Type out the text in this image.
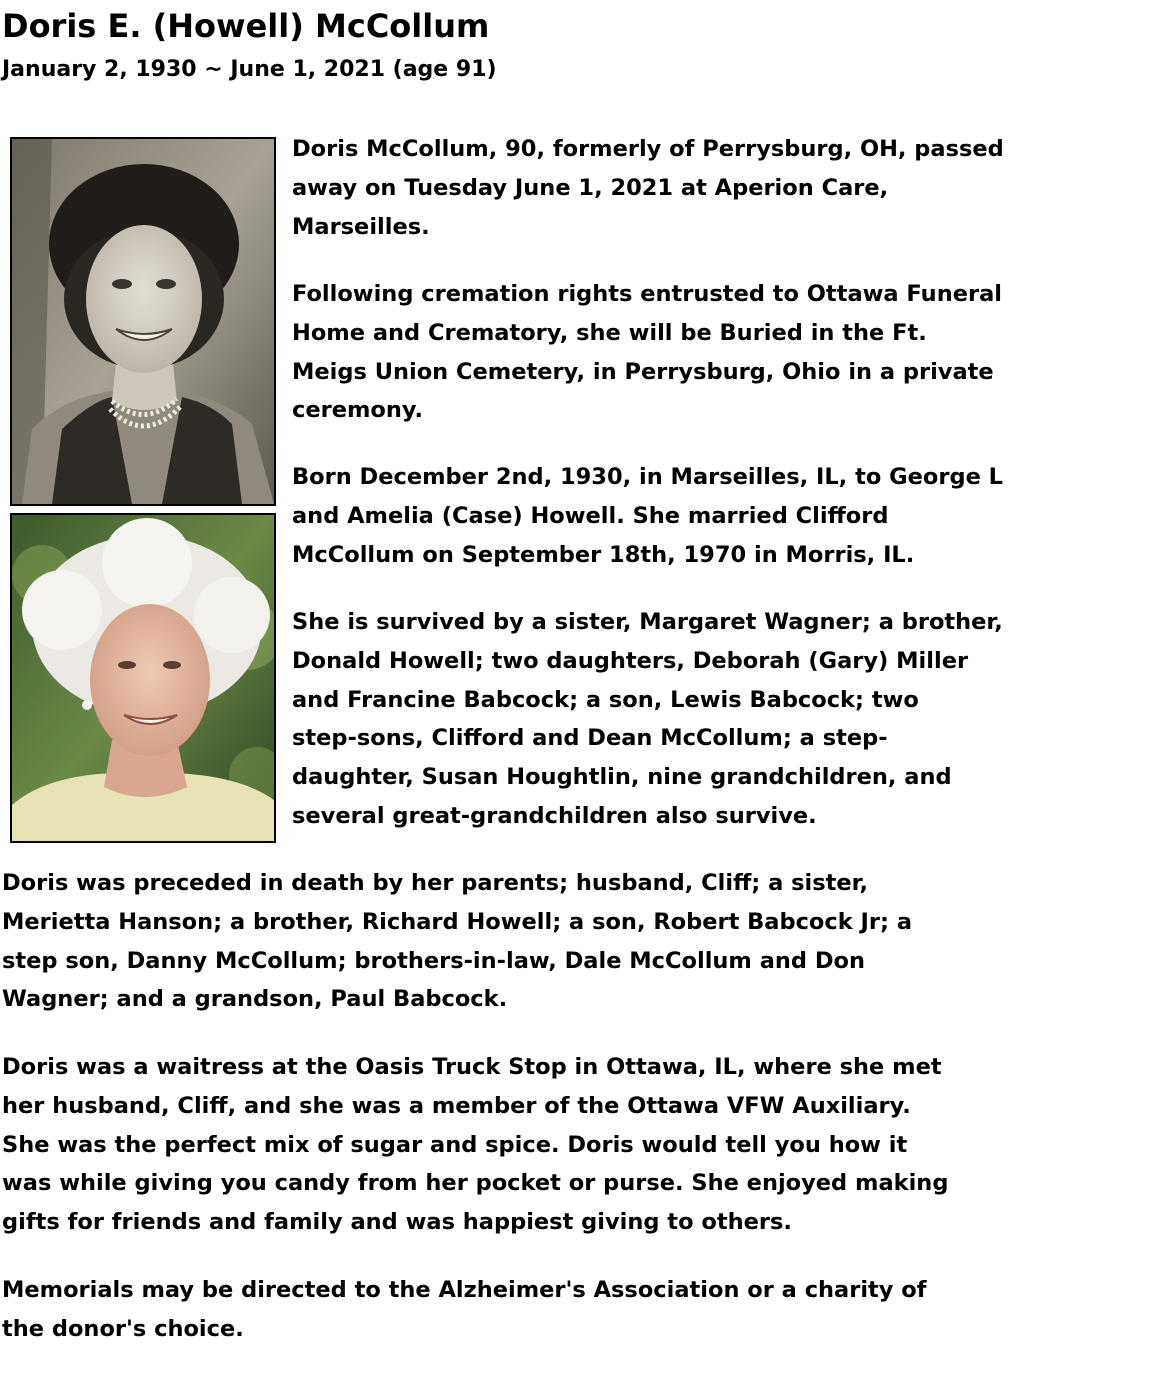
Doris E. (Howell) McCollum
January 2, 1930 ~ June 1, 2021 (age 91)

Doris McCollum, 90, formerly of Perrysburg, OH, passed
away on Tuesday June 1, 2021 at Aperion Care,
Marseilles.

Following cremation rights entrusted to Ottawa Funeral
Home and Crematory, she will be Buried in the Ft.
Meigs Union Cemetery, in Perrysburg, Ohio in a private
ceremony.

Born December 2nd, 1930, in Marseilles, IL, to George L
and Amelia (Case) Howell. She married Clifford
McCollum on September 18th, 1970 in Morris, IL.

She is survived by a sister, Margaret Wagner; a brother,
Donald Howell; two daughters, Deborah (Gary) Miller
and Francine Babcock; a son, Lewis Babcock; two
step-sons, Clifford and Dean McCollum; a step-
daughter, Susan Houghtlin, nine grandchildren, and
several great-grandchildren also survive.

Doris was preceded in death by her parents; husband, Cliff; a sister,
Merietta Hanson; a brother, Richard Howell; a son, Robert Babcock Jr; a
step son, Danny McCollum; brothers-in-law, Dale McCollum and Don
Wagner; and a grandson, Paul Babcock.

Doris was a waitress at the Oasis Truck Stop in Ottawa, IL, where she met
her husband, Cliff, and she was a member of the Ottawa VFW Auxiliary.
She was the perfect mix of sugar and spice. Doris would tell you how it
was while giving you candy from her pocket or purse. She enjoyed making
gifts for friends and family and was happiest giving to others.

Memorials may be directed to the Alzheimer's Association or a charity of
the donor's choice.
